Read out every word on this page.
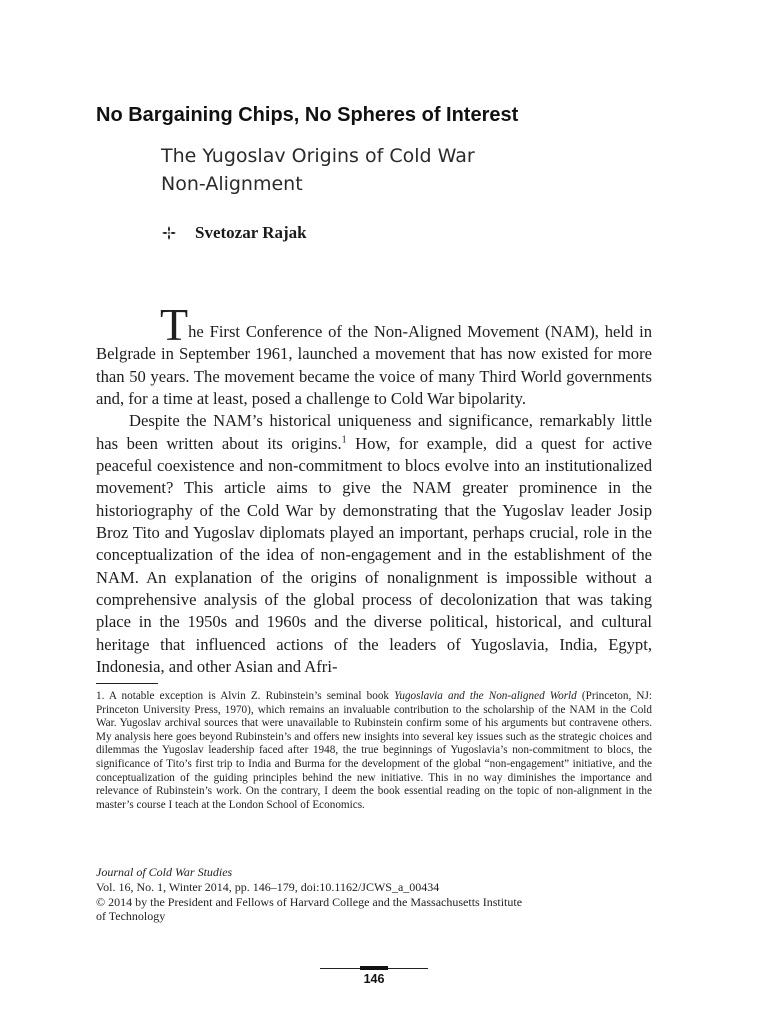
No Bargaining Chips, No Spheres of Interest
The Yugoslav Origins of Cold War
Non-Alignment
Svetozar Rajak

The First Conference of the Non-Aligned Movement (NAM), held in Belgrade in September 1961, launched a movement that has now existed for more than 50 years. The movement became the voice of many Third World governments and, for a time at least, posed a challenge to Cold War bipolarity.

Despite the NAM’s historical uniqueness and significance, remarkably little has been written about its origins.$^1$ How, for example, did a quest for active peaceful coexistence and non-commitment to blocs evolve into an institutionalized movement? This article aims to give the NAM greater prominence in the historiography of the Cold War by demonstrating that the Yugoslav leader Josip Broz Tito and Yugoslav diplomats played an important, perhaps crucial, role in the conceptualization of the idea of non-engagement and in the establishment of the NAM. An explanation of the origins of nonalignment is impossible without a comprehensive analysis of the global process of decolonization that was taking place in the 1950s and 1960s and the diverse political, historical, and cultural heritage that influenced actions of the leaders of Yugoslavia, India, Egypt, Indonesia, and other Asian and Afri-

1. A notable exception is Alvin Z. Rubinstein’s seminal book Yugoslavia and the Non-aligned World (Princeton, NJ: Princeton University Press, 1970), which remains an invaluable contribution to the scholarship of the NAM in the Cold War. Yugoslav archival sources that were unavailable to Rubinstein confirm some of his arguments but contravene others. My analysis here goes beyond Rubinstein’s and offers new insights into several key issues such as the strategic choices and dilemmas the Yugoslav leadership faced after 1948, the true beginnings of Yugoslavia’s non-commitment to blocs, the significance of Tito’s first trip to India and Burma for the development of the global “non-engagement” initiative, and the conceptualization of the guiding principles behind the new initiative. This in no way diminishes the importance and relevance of Rubinstein’s work. On the contrary, I deem the book essential reading on the topic of non-alignment in the master’s course I teach at the London School of Economics.

Journal of Cold War Studies
Vol. 16, No. 1, Winter 2014, pp. 146–179, doi:10.1162/JCWS_a_00434
© 2014 by the President and Fellows of Harvard College and the Massachusetts Institute
of Technology
146
